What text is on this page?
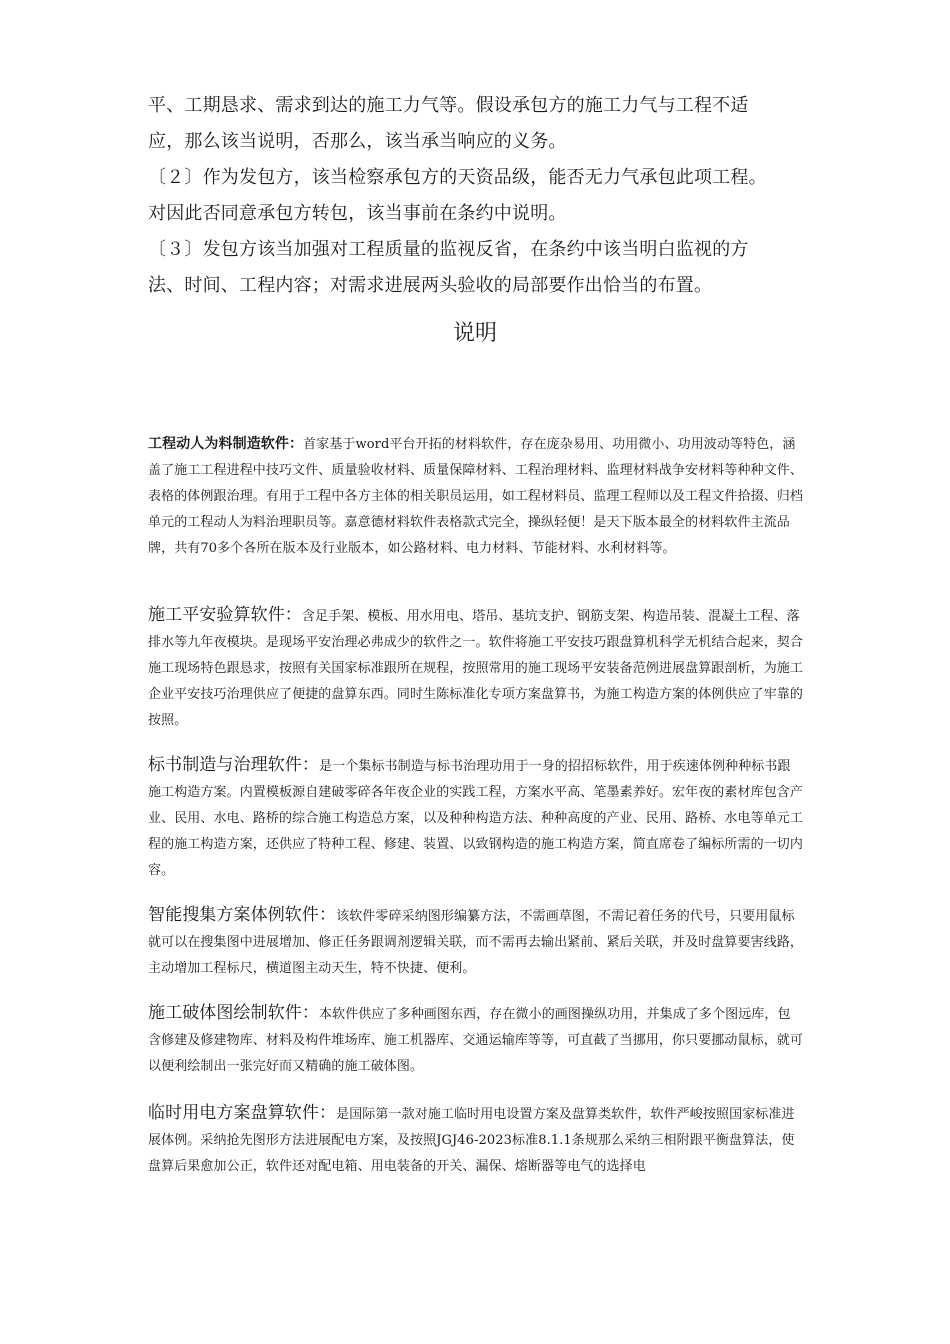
平、工期恳求、需求到达的施工力气等。假设承包方的施工力气与工程不适

应，那么该当说明，否那么，该当承当响应的义务。

〔２〕作为发包方，该当检察承包方的天资品级，能否无力气承包此项工程。

对因此否同意承包方转包，该当事前在条约中说明。

〔３〕发包方该当加强对工程质量的监视反省，在条约中该当明白监视的方

法、时间、工程内容；对需求进展两头验收的局部要作出恰当的布置。

说明

工程动人为料制造软件：首家基于word平台开拓的材料软件，存在庞杂易用、功用微小、功用波动等特色，涵盖了施工工程进程中技巧文件、质量验收材料、质量保障材料、工程治理材料、监理材料战争安材料等种种文件、表格的体例跟治理。有用于工程中各方主体的相关职员运用，如工程材料员、监理工程师以及工程文件拾掇、归档单元的工程动人为料治理职员等。嘉意德材料软件表格款式完全，操纵轻便！是天下版本最全的材料软件主流品牌，共有70多个各所在版本及行业版本，如公路材料、电力材料、节能材料、水利材料等。

施工平安验算软件：含足手架、模板、用水用电、塔吊、基坑支护、钢筋支架、构造吊装、混凝土工程、落排水等九年夜模块。是现场平安治理必弗成少的软件之一。软件将施工平安技巧跟盘算机科学无机结合起来，契合施工现场特色跟恳求，按照有关国家标准跟所在规程，按照常用的施工现场平安装备范例进展盘算跟剖析，为施工企业平安技巧治理供应了便捷的盘算东西。同时生陈标准化专项方案盘算书，为施工构造方案的体例供应了牢靠的按照。

标书制造与治理软件：是一个集标书制造与标书治理功用于一身的招招标软件，用于疾速体例种种标书跟施工构造方案。内置模板源自建破零碎各年夜企业的实践工程，方案水平高、笔墨素养好。宏年夜的素材库包含产业、民用、水电、路桥的综合施工构造总方案，以及种种构造方法、种种高度的产业、民用、路桥、水电等单元工程的施工构造方案，还供应了特种工程、修建、装置、以致钢构造的施工构造方案，简直席卷了编标所需的一切内容。

智能搜集方案体例软件：该软件零碎采纳图形编纂方法，不需画草图，不需记着任务的代号，只要用鼠标就可以在搜集图中进展增加、修正任务跟调剂逻辑关联，而不需再去输出紧前、紧后关联，并及时盘算要害线路，主动增加工程标尺，横道图主动天生，特不快捷、便利。

施工破体图绘制软件：本软件供应了多种画图东西，存在微小的画图操纵功用，并集成了多个图远库，包含修建及修建物库、材料及构件堆场库、施工机器库、交通运输库等等，可直截了当挪用，你只要挪动鼠标，就可以便利绘制出一张完好而又精确的施工破体图。

临时用电方案盘算软件：是国际第一款对施工临时用电设置方案及盘算类软件，软件严峻按照国家标准进展体例。采纳抢先图形方法进展配电方案，及按照JGJ46-2023标准8.1.1条规那么采纳三相附跟平衡盘算法，使盘算后果愈加公正，软件还对配电箱、用电装备的开关、漏保、熔断器等电气的选择电
